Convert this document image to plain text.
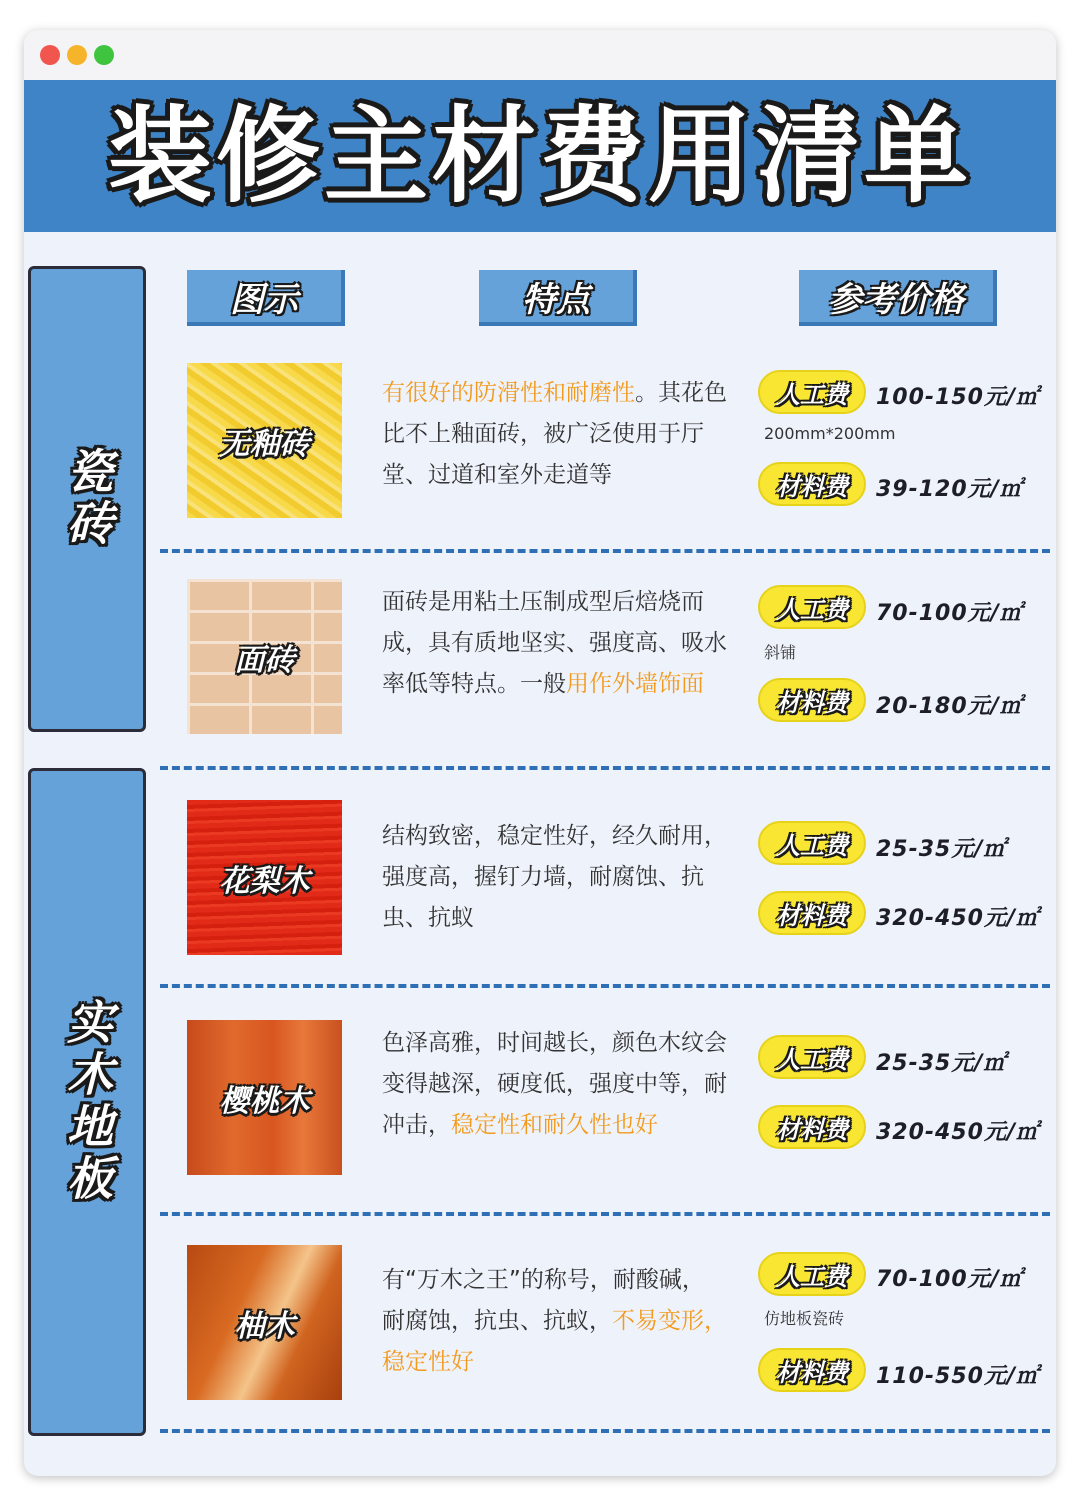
装修主材费用清单
瓷砖
实木地板
图示	特点	参考价格
无釉砖
有很好的防滑性和耐磨性。其花色比不上釉面砖，被广泛使用于厅堂、过道和室外走道等
人工费	100-150元/㎡
200mm*200mm
材料费	39-120元/㎡
面砖
面砖是用粘土压制成型后焙烧而成，具有质地坚实、强度高、吸水率低等特点。一般用作外墙饰面
人工费	70-100元/㎡
斜铺
材料费	20-180元/㎡
花梨木
结构致密，稳定性好，经久耐用，强度高，握钉力墙，耐腐蚀、抗虫、抗蚁
人工费	25-35元/㎡
材料费	320-450元/㎡
樱桃木
色泽高雅，时间越长，颜色木纹会变得越深，硬度低，强度中等，耐冲击，稳定性和耐久性也好
人工费	25-35元/㎡
材料费	320-450元/㎡
柚木
有“万木之王”的称号，耐酸碱，耐腐蚀，抗虫、抗蚁，不易变形，稳定性好
人工费	70-100元/㎡
仿地板瓷砖
材料费	110-550元/㎡
